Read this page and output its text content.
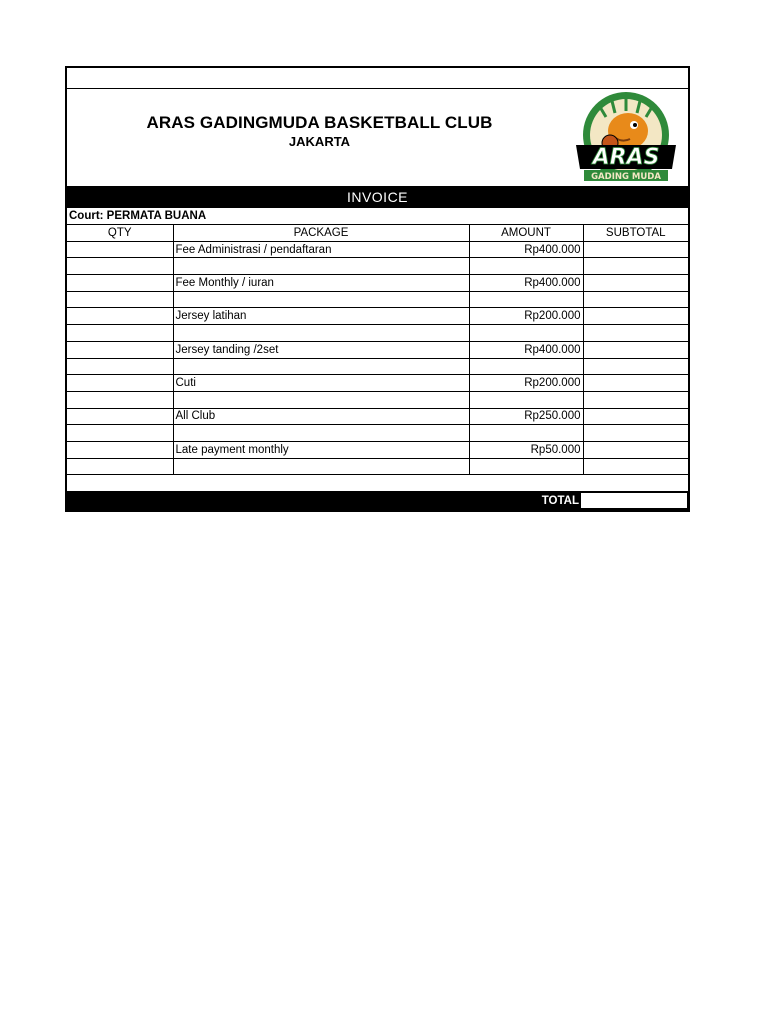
ARAS GADINGMUDA BASKETBALL CLUB
JAKARTA
ARAS
GADING MUDA
INVOICE
Court: PERMATA BUANA
QTY	PACKAGE	AMOUNT	SUBTOTAL
	Fee Administrasi / pendaftaran	Rp400.000	

	Fee Monthly / iuran	Rp400.000	

	Jersey latihan	Rp200.000	

	Jersey tanding /2set	Rp400.000	

	Cuti	Rp200.000	

	All Club	Rp250.000	

	Late payment monthly	Rp50.000	

TOTAL
